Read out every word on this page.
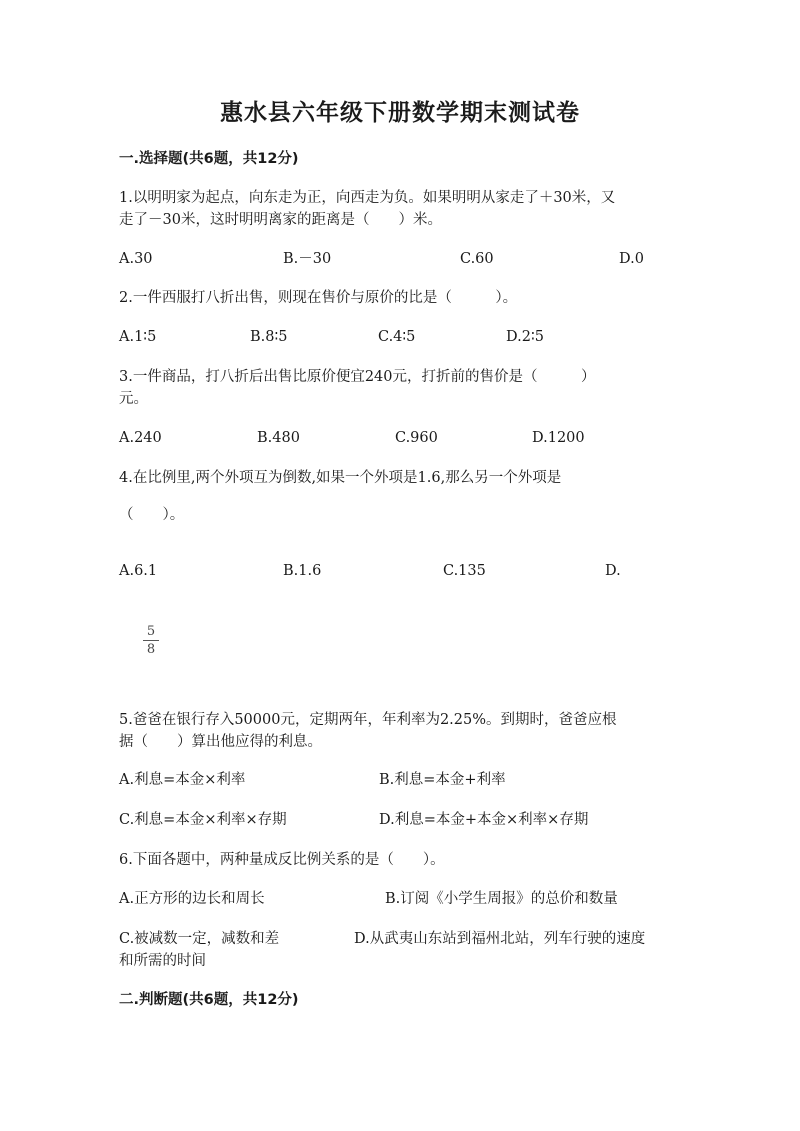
惠水县六年级下册数学期末测试卷
一.选择题(共6题，共12分)
1.以明明家为起点，向东走为正，向西走为负。如果明明从家走了＋30米，又
走了－30米，这时明明离家的距离是（　　）米。
A.30	B.－30	C.60	D.0
2.一件西服打八折出售，则现在售价与原价的比是（　　　）。
A.1∶5	B.8∶5	C.4∶5	D.2∶5
3.一件商品，打八折后出售比原价便宜240元，打折前的售价是（　　　）
元。
A.240	B.480	C.960	D.1200
4.在比例里,两个外项互为倒数,如果一个外项是1.6,那么另一个外项是
（　　）。
A.6.1	B.1.6	C.135	D.
5
8
5.爸爸在银行存入50000元，定期两年，年利率为2.25%。到期时，爸爸应根
据（　　）算出他应得的利息。
A.利息=本金×利率	B.利息=本金+利率
C.利息=本金×利率×存期	D.利息=本金+本金×利率×存期
6.下面各题中，两种量成反比例关系的是（　　）。
A.正方形的边长和周长	B.订阅《小学生周报》的总价和数量
C.被减数一定，减数和差	D.从武夷山东站到福州北站，列车行驶的速度
和所需的时间
二.判断题(共6题，共12分)
